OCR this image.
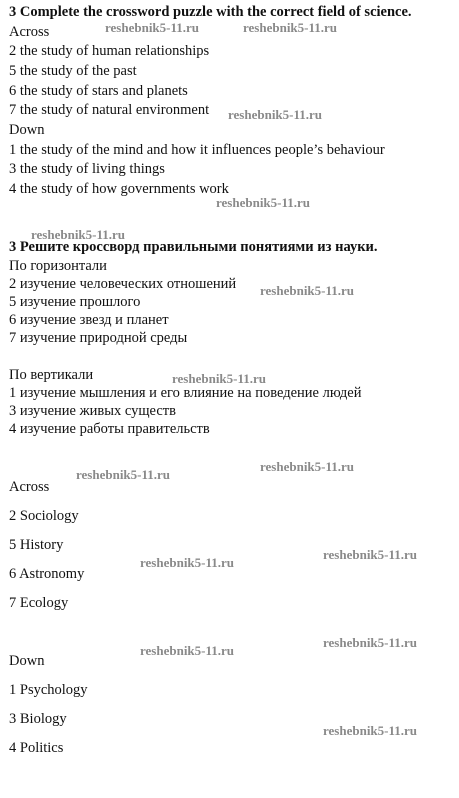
3 Complete the crossword puzzle with the correct field of science.
Across
2 the study of human relationships
5 the study of the past
6 the study of stars and planets
7 the study of natural environment
Down
1 the study of the mind and how it influences people’s behaviour
3 the study of living things
4 the study of how governments work
3 Решите кроссворд правильными понятиями из науки.
По горизонтали
2 изучение человеческих отношений
5 изучение прошлого
6 изучение звезд и планет
7 изучение природной среды
По вертикали
1 изучение мышления и его влияние на поведение людей
3 изучение живых существ
4 изучение работы правительств
Across
2 Sociology
5 History
6 Astronomy
7 Ecology
Down
1 Psychology
3 Biology
4 Politics
reshebnik5-11.ru	reshebnik5-11.ru
reshebnik5-11.ru
reshebnik5-11.ru
reshebnik5-11.ru
reshebnik5-11.ru
reshebnik5-11.ru
reshebnik5-11.ru
reshebnik5-11.ru
reshebnik5-11.ru
reshebnik5-11.ru
reshebnik5-11.ru
reshebnik5-11.ru
reshebnik5-11.ru
